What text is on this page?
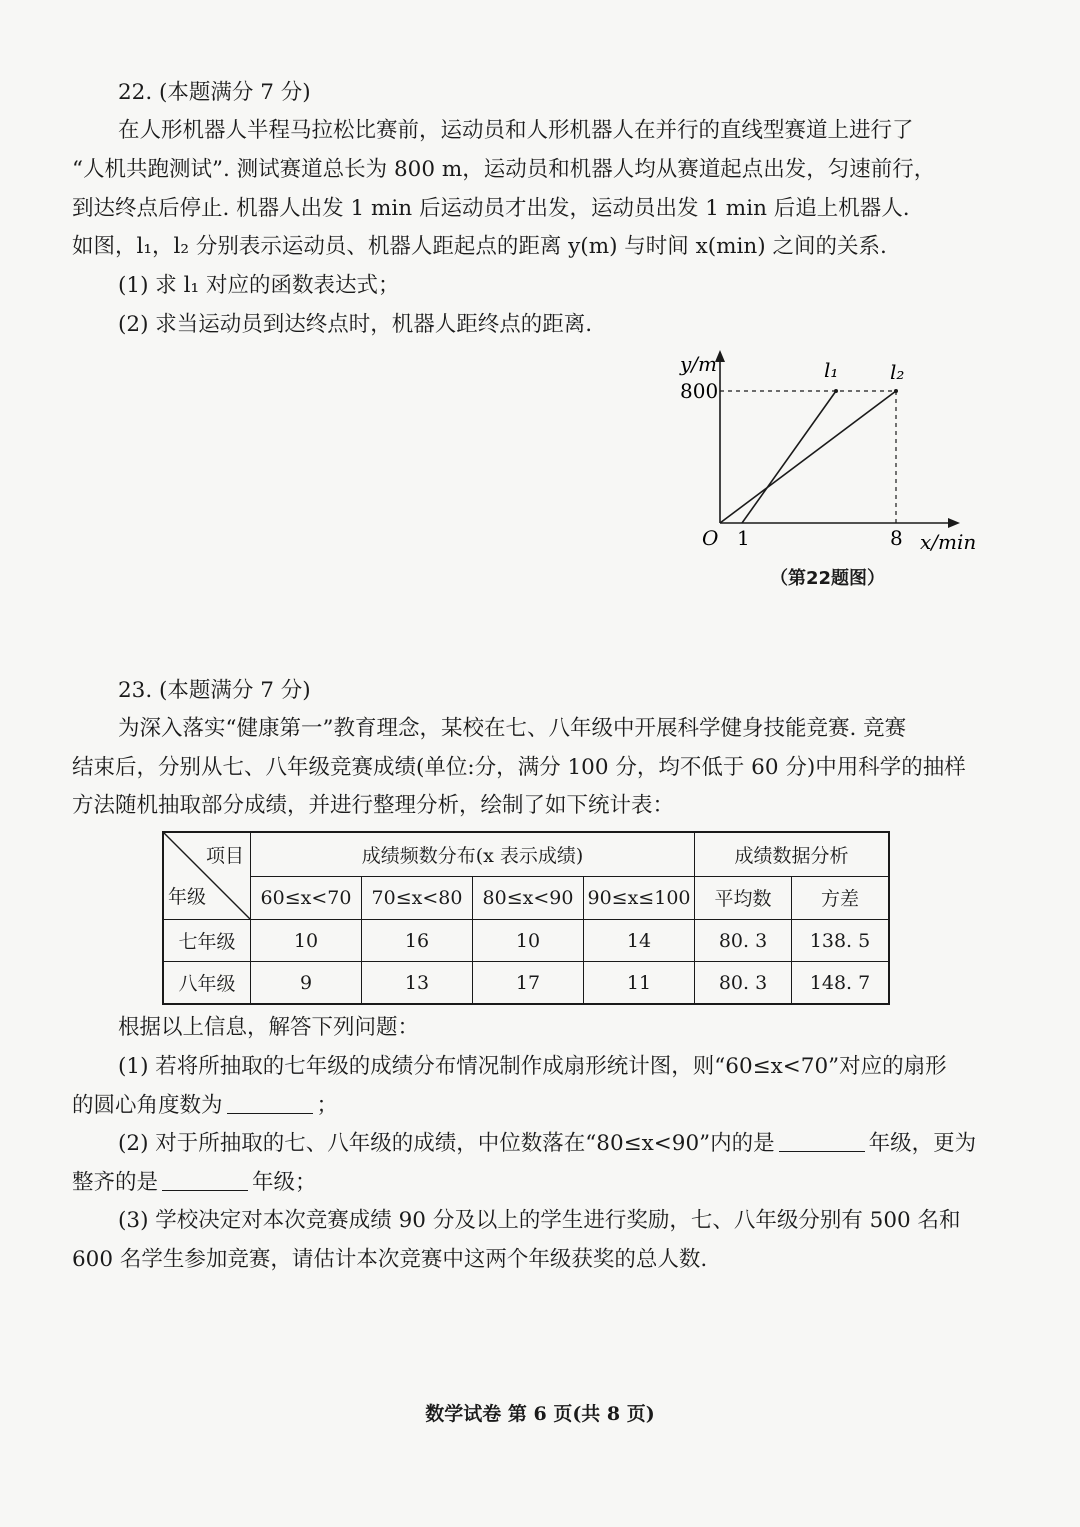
22. (本题满分 7 分)
在人形机器人半程马拉松比赛前，运动员和人形机器人在并行的直线型赛道上进行了
“人机共跑测试”. 测试赛道总长为 800 m，运动员和机器人均从赛道起点出发，匀速前行，
到达终点后停止. 机器人出发 1 min 后运动员才出发，运动员出发 1 min 后追上机器人.
如图，l₁，l₂ 分别表示运动员、机器人距起点的距离 y(m) 与时间 x(min) 之间的关系.
(1) 求 l₁ 对应的函数表达式；
(2) 求当运动员到达终点时，机器人距终点的距离.
y/m
800
O 1	8 x/min
l₁	l₂
（第22题图）
23. (本题满分 7 分)
为深入落实“健康第一”教育理念，某校在七、八年级中开展科学健身技能竞赛. 竞赛
结束后，分别从七、八年级竞赛成绩(单位:分，满分 100 分，均不低于 60 分)中用科学的抽样
方法随机抽取部分成绩，并进行整理分析，绘制了如下统计表：
项目
年级	成绩频数分布(x 表示成绩)				成绩数据分析	
	60≤x<70	70≤x<80	80≤x<90	90≤x≤100	平均数	方差
七年级	10	16	10	14	80. 3	138. 5
八年级	9	13	17	11	80. 3	148. 7
根据以上信息，解答下列问题：
(1) 若将所抽取的七年级的成绩分布情况制作成扇形统计图，则“60≤x<70”对应的扇形
的圆心角度数为	；
(2) 对于所抽取的七、八年级的成绩，中位数落在“80≤x<90”内的是	年级，更为
整齐的是	年级；
(3) 学校决定对本次竞赛成绩 90 分及以上的学生进行奖励，七、八年级分别有 500 名和
600 名学生参加竞赛，请估计本次竞赛中这两个年级获奖的总人数.
数学试卷 第 6 页(共 8 页)
